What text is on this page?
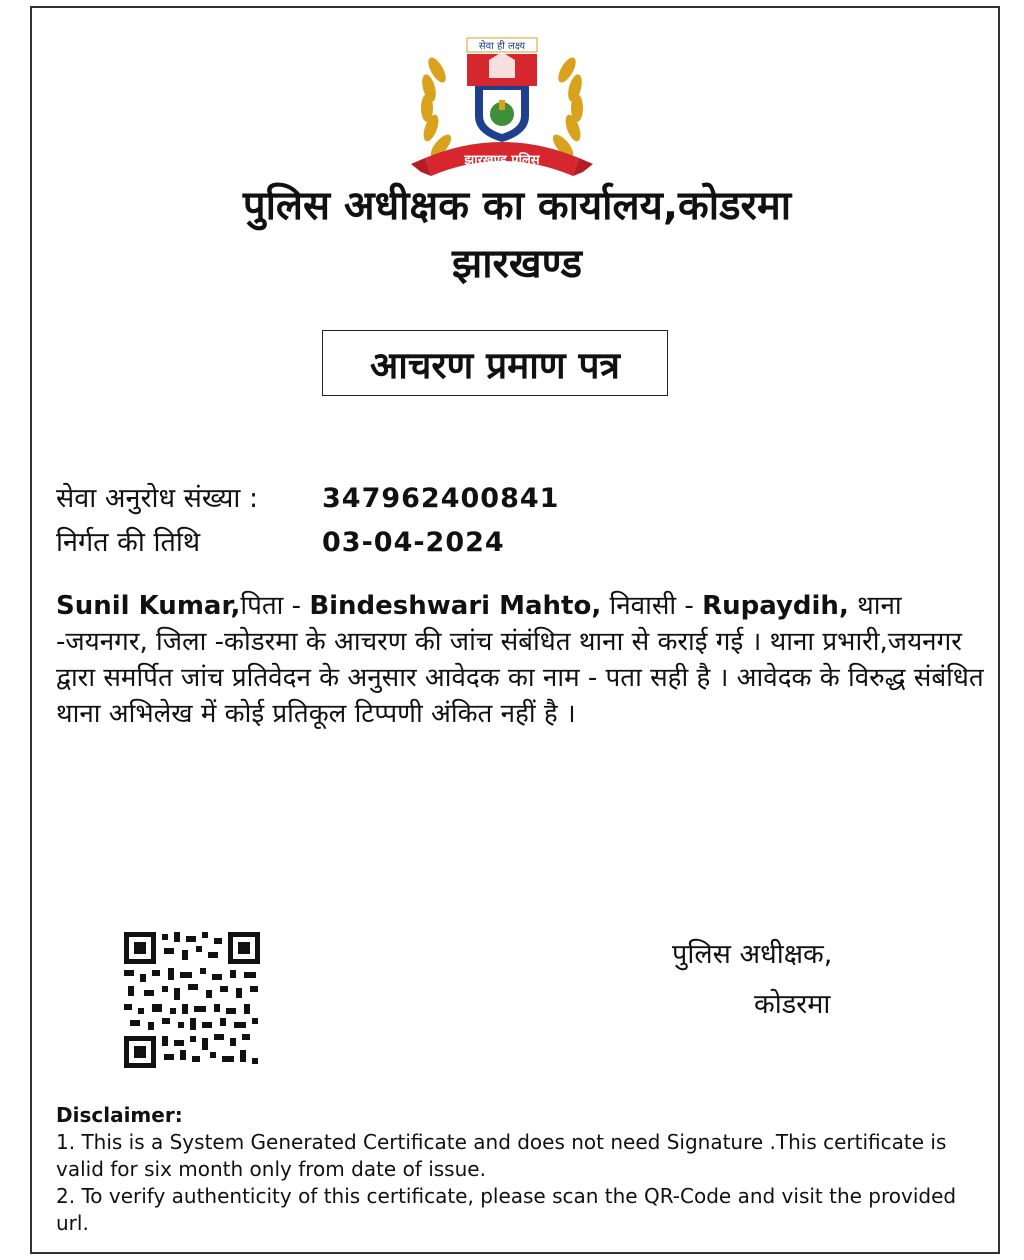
सेवा ही लक्ष्य
झारखण्ड पुलिस
पुलिस अधीक्षक का कार्यालय,कोडरमा
झारखण्ड
आचरण प्रमाण पत्र
सेवा अनुरोध संख्या : 347962400841
निर्गत की तिथि	03-04-2024
Sunil Kumar,पिता - Bindeshwari Mahto, निवासी - Rupaydih, थाना -जयनगर, जिला -कोडरमा के आचरण की जांच संबंधित थाना से कराई गई । थाना प्रभारी,जयनगर द्वारा समर्पित जांच प्रतिवेदन के अनुसार आवेदक का नाम - पता सही है । आवेदक के विरुद्ध संबंधित थाना अभिलेख में कोई प्रतिकूल टिप्पणी अंकित नहीं है ।
पुलिस अधीक्षक,
कोडरमा
Disclaimer:
1. This is a System Generated Certificate and does not need Signature .This certificate is valid for six month only from date of issue.
2. To verify authenticity of this certificate, please scan the QR-Code and visit the provided url.
